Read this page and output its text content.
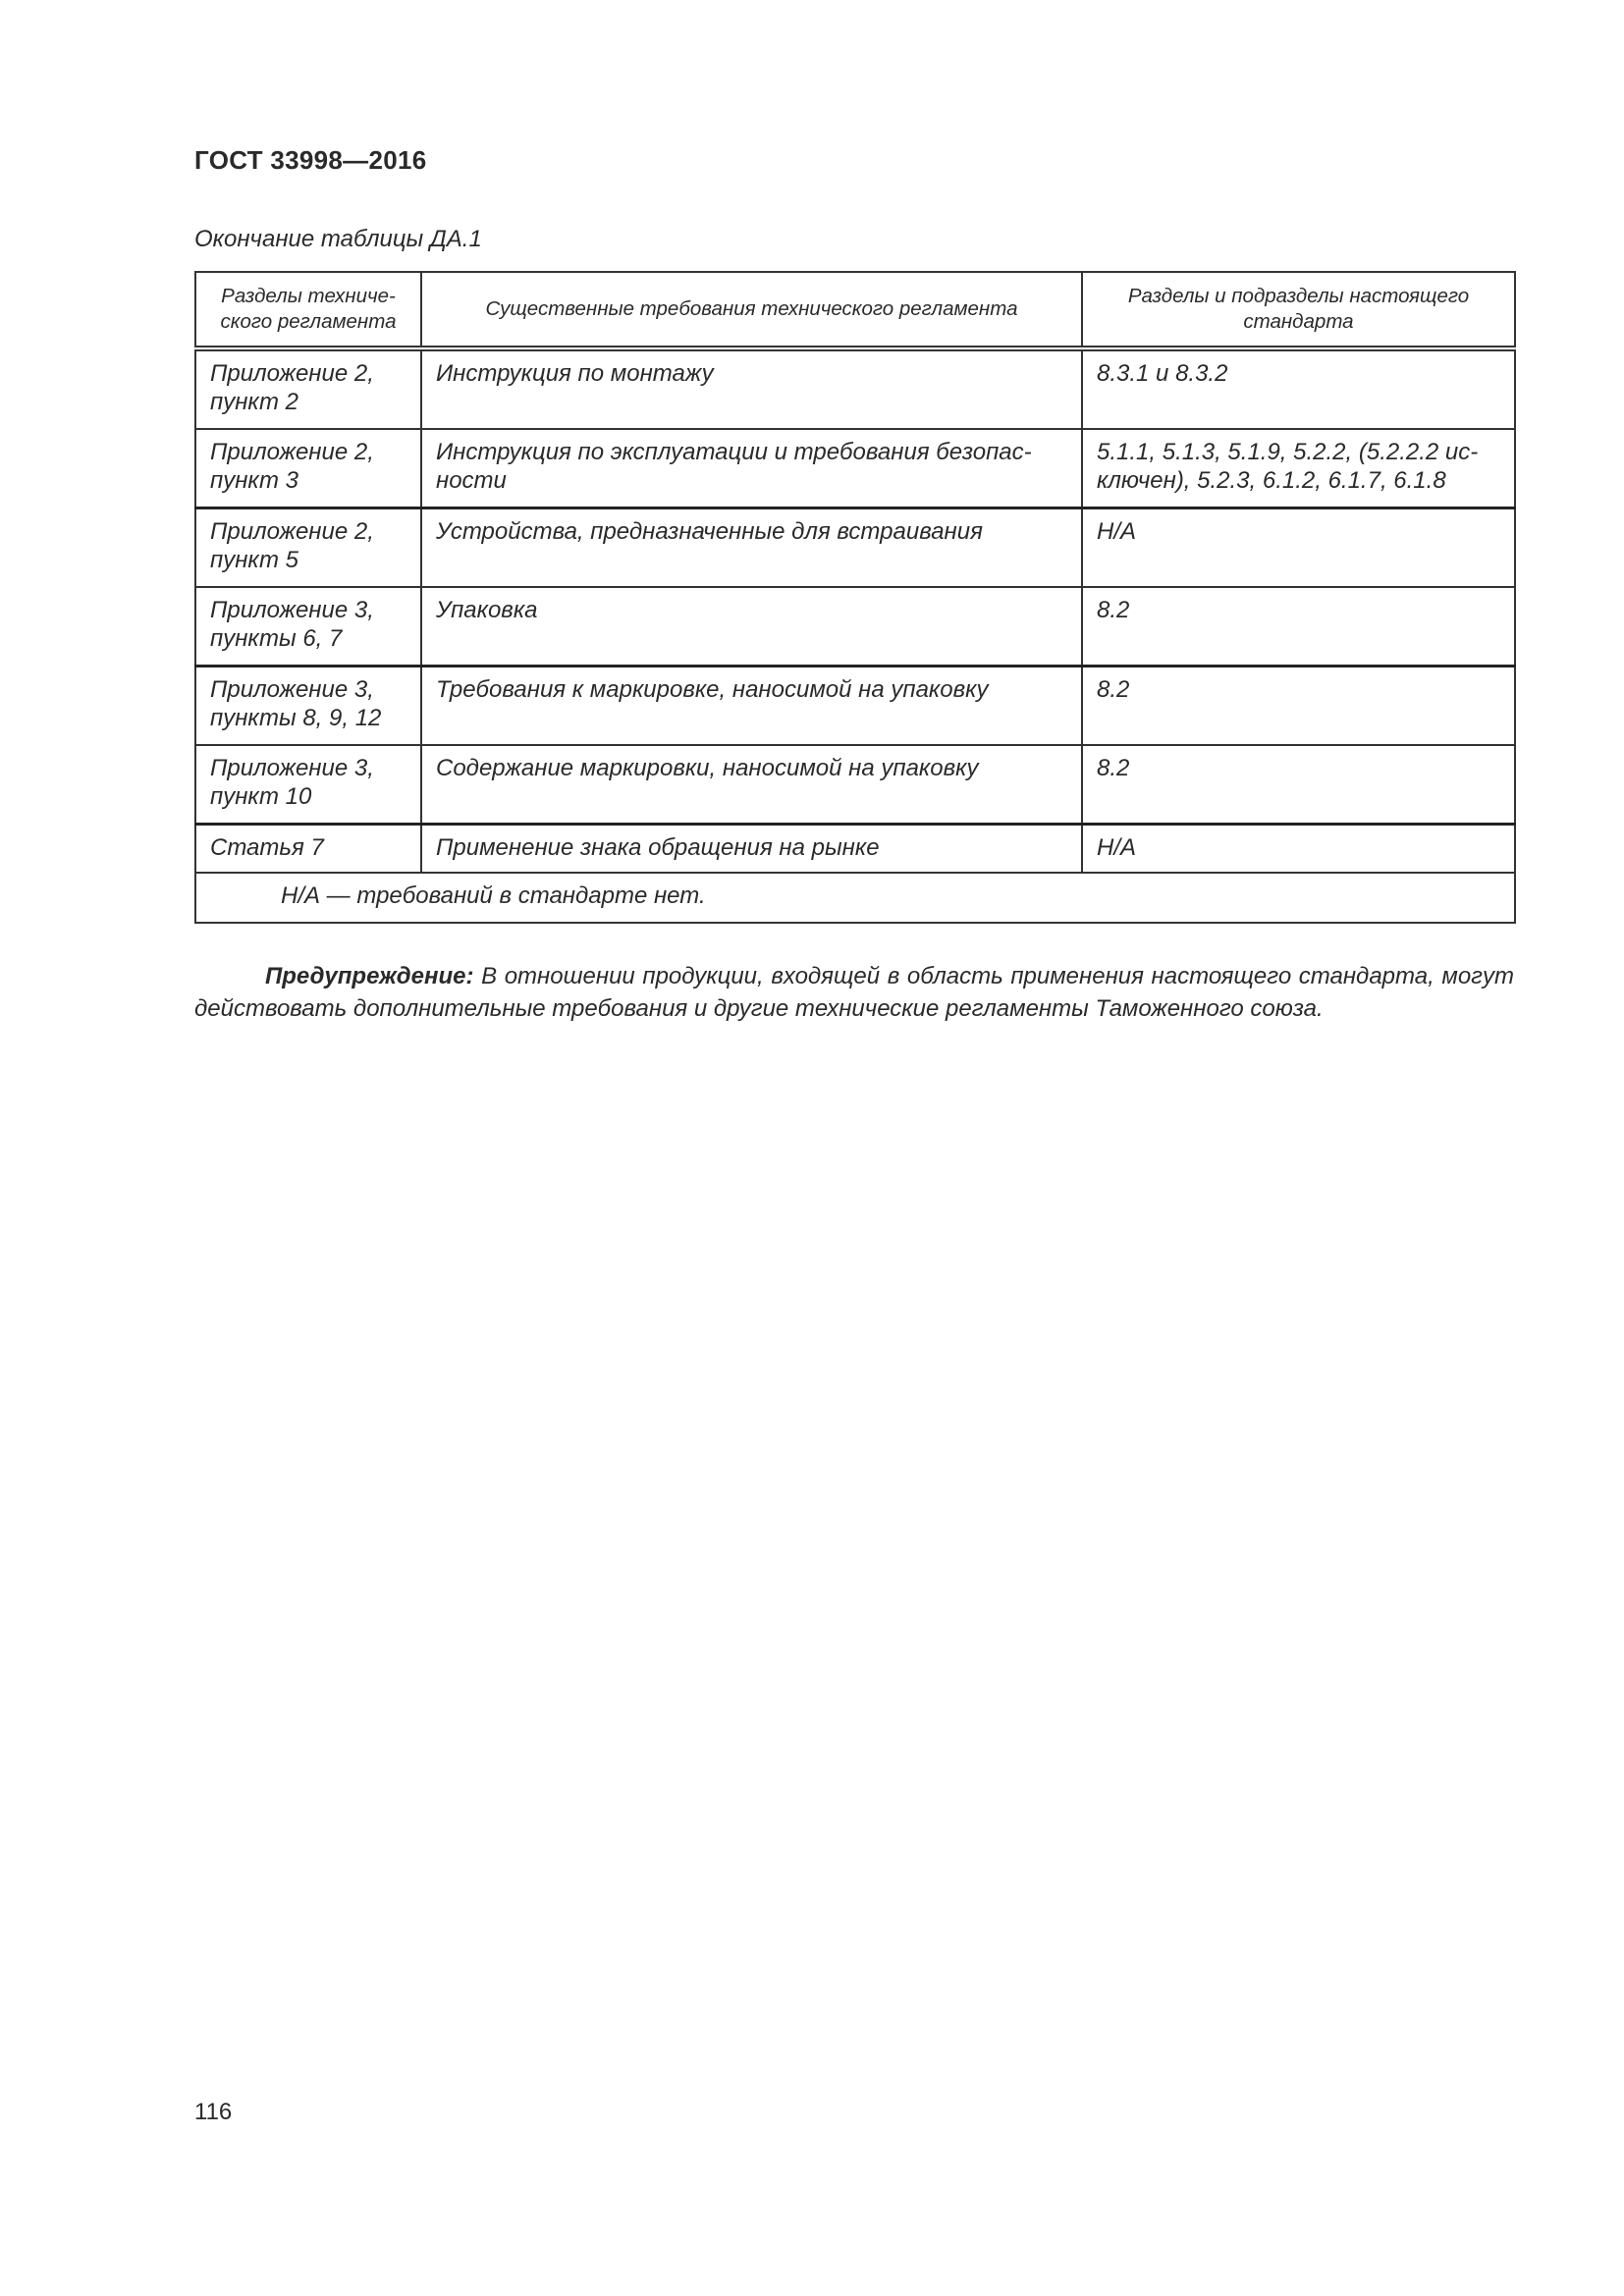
ГОСТ 33998—2016
Окончание таблицы ДА.1
Разделы техниче-ского регламента	Существенные требования технического регламента	Разделы и подразделы настоящего стандарта
Приложение 2, пункт 2	Инструкция по монтажу	8.3.1 и 8.3.2
Приложение 2, пункт 3	Инструкция по эксплуатации и требования безопас-ности	5.1.1, 5.1.3, 5.1.9, 5.2.2, (5.2.2.2 ис-ключен), 5.2.3, 6.1.2, 6.1.7, 6.1.8
Приложение 2, пункт 5	Устройства, предназначенные для встраивания	Н/А
Приложение 3, пункты 6, 7	Упаковка	8.2
Приложение 3, пункты 8, 9, 12	Требования к маркировке, наносимой на упаковку	8.2
Приложение 3, пункт 10	Содержание маркировки, наносимой на упаковку	8.2
Статья 7	Применение знака обращения на рынке	Н/А
Н/А — требований в стандарте нет.		

Предупреждение: В отношении продукции, входящей в область применения настоящего стандарта, могут действовать дополнительные требования и другие технические регламенты Таможенного союза.

116
